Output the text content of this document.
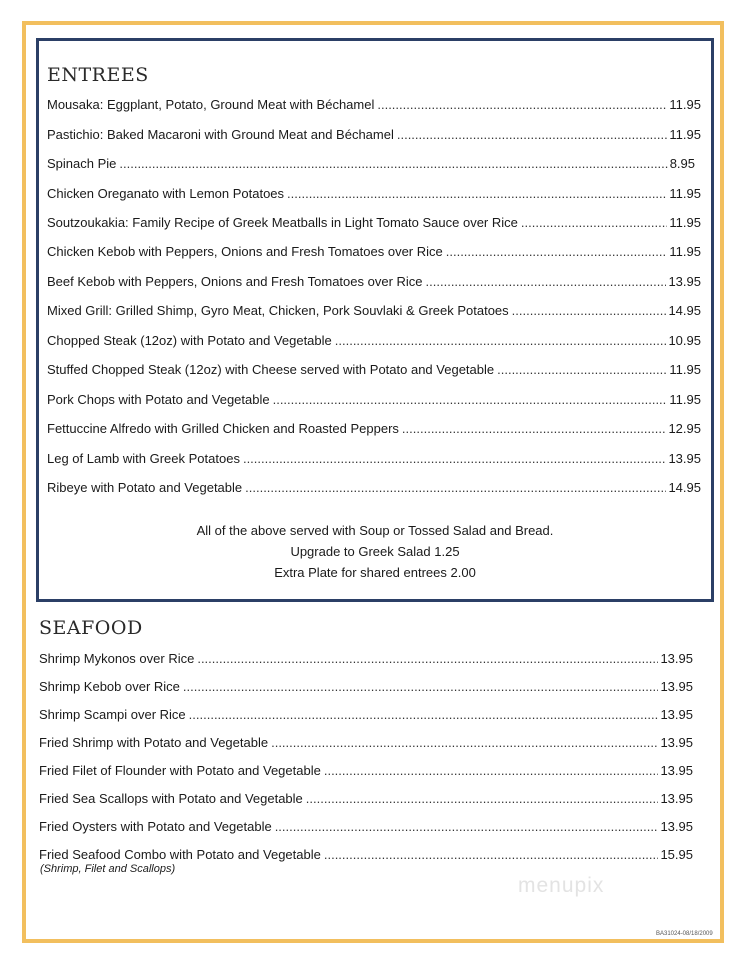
ENTREES
Mousaka: Eggplant, Potato, Ground Meat with Béchamel .....	11.95
Pastichio: Baked Macaroni with Ground Meat and Béchamel .....	11.95
Spinach Pie .....	8.95
Chicken Oreganato with Lemon Potatoes .....	11.95
Soutzoukakia: Family Recipe of Greek Meatballs in Light Tomato Sauce over Rice .....	11.95
Chicken Kebob with Peppers, Onions and Fresh Tomatoes over Rice .....	11.95
Beef Kebob with Peppers, Onions and Fresh Tomatoes over Rice .....	13.95
Mixed Grill: Grilled Shimp, Gyro Meat, Chicken, Pork Souvlaki & Greek Potatoes .....	14.95
Chopped Steak (12oz) with Potato and Vegetable .....	10.95
Stuffed Chopped Steak (12oz) with Cheese served with Potato and Vegetable .....	11.95
Pork Chops with Potato and Vegetable .....	11.95
Fettuccine Alfredo with Grilled Chicken and Roasted Peppers .....	12.95
Leg of Lamb with Greek Potatoes .....	13.95
Ribeye with Potato and Vegetable .....	14.95
All of the above served with Soup or Tossed Salad and Bread.
Upgrade to Greek Salad 1.25
Extra Plate for shared entrees 2.00
SEAFOOD
Shrimp Mykonos over Rice .....	13.95
Shrimp Kebob over Rice .....	13.95
Shrimp Scampi over Rice .....	13.95
Fried Shrimp with Potato and Vegetable .....	13.95
Fried Filet of Flounder with Potato and Vegetable .....	13.95
Fried Sea Scallops with Potato and Vegetable .....	13.95
Fried Oysters with Potato and Vegetable .....	13.95
Fried Seafood Combo with Potato and Vegetable .....	15.95
(Shrimp, Filet and Scallops)
menupix
BA31024-08/18/2009
